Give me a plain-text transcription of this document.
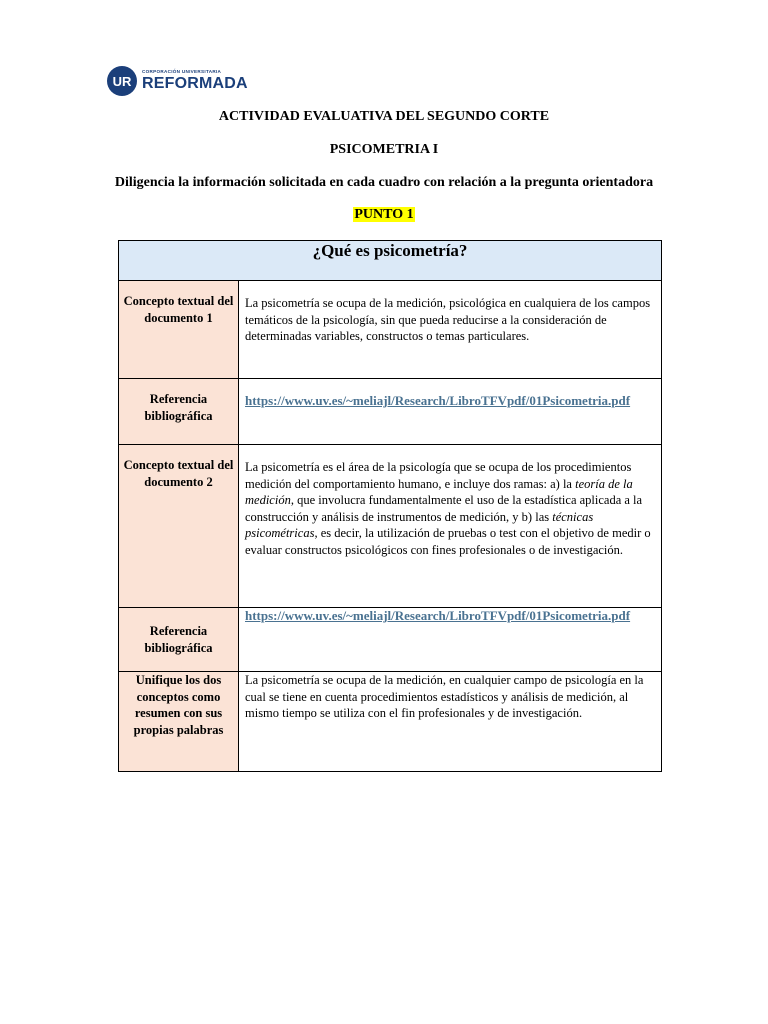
UR
CORPORACIÓN UNIVERSITARIA
REFORMADA
ACTIVIDAD EVALUATIVA DEL SEGUNDO CORTE
PSICOMETRIA I
Diligencia la información solicitada en cada cuadro con relación a la pregunta orientadora
PUNTO 1
¿Qué es psicometría?	
Concepto textual del documento 1	La psicometría se ocupa de la medición, psicológica en cualquiera de los campos temáticos de la psicología, sin que pueda reducirse a la consideración de determinadas variables, constructos o temas particulares.
Referencia bibliográfica	https://www.uv.es/~meliajl/Research/LibroTFVpdf/01Psicometria.pdf
Concepto textual del documento 2	La psicometría es el área de la psicología que se ocupa de los procedimientos medición del comportamiento humano, e incluye dos ramas: a) la teoría de la medición, que involucra fundamentalmente el uso de la estadística aplicada a la construcción y análisis de instrumentos de medición, y b) las técnicas psicométricas, es decir, la utilización de pruebas o test con el objetivo de medir o evaluar constructos psicológicos con fines profesionales o de investigación.
Referencia bibliográfica	https://www.uv.es/~meliajl/Research/LibroTFVpdf/01Psicometria.pdf
Unifique los dos conceptos como resumen con sus propias palabras	La psicometría se ocupa de la medición, en cualquier campo de psicología en la cual se tiene en cuenta procedimientos estadísticos y análisis de medición, al mismo tiempo se utiliza con el fin profesionales y de investigación.
